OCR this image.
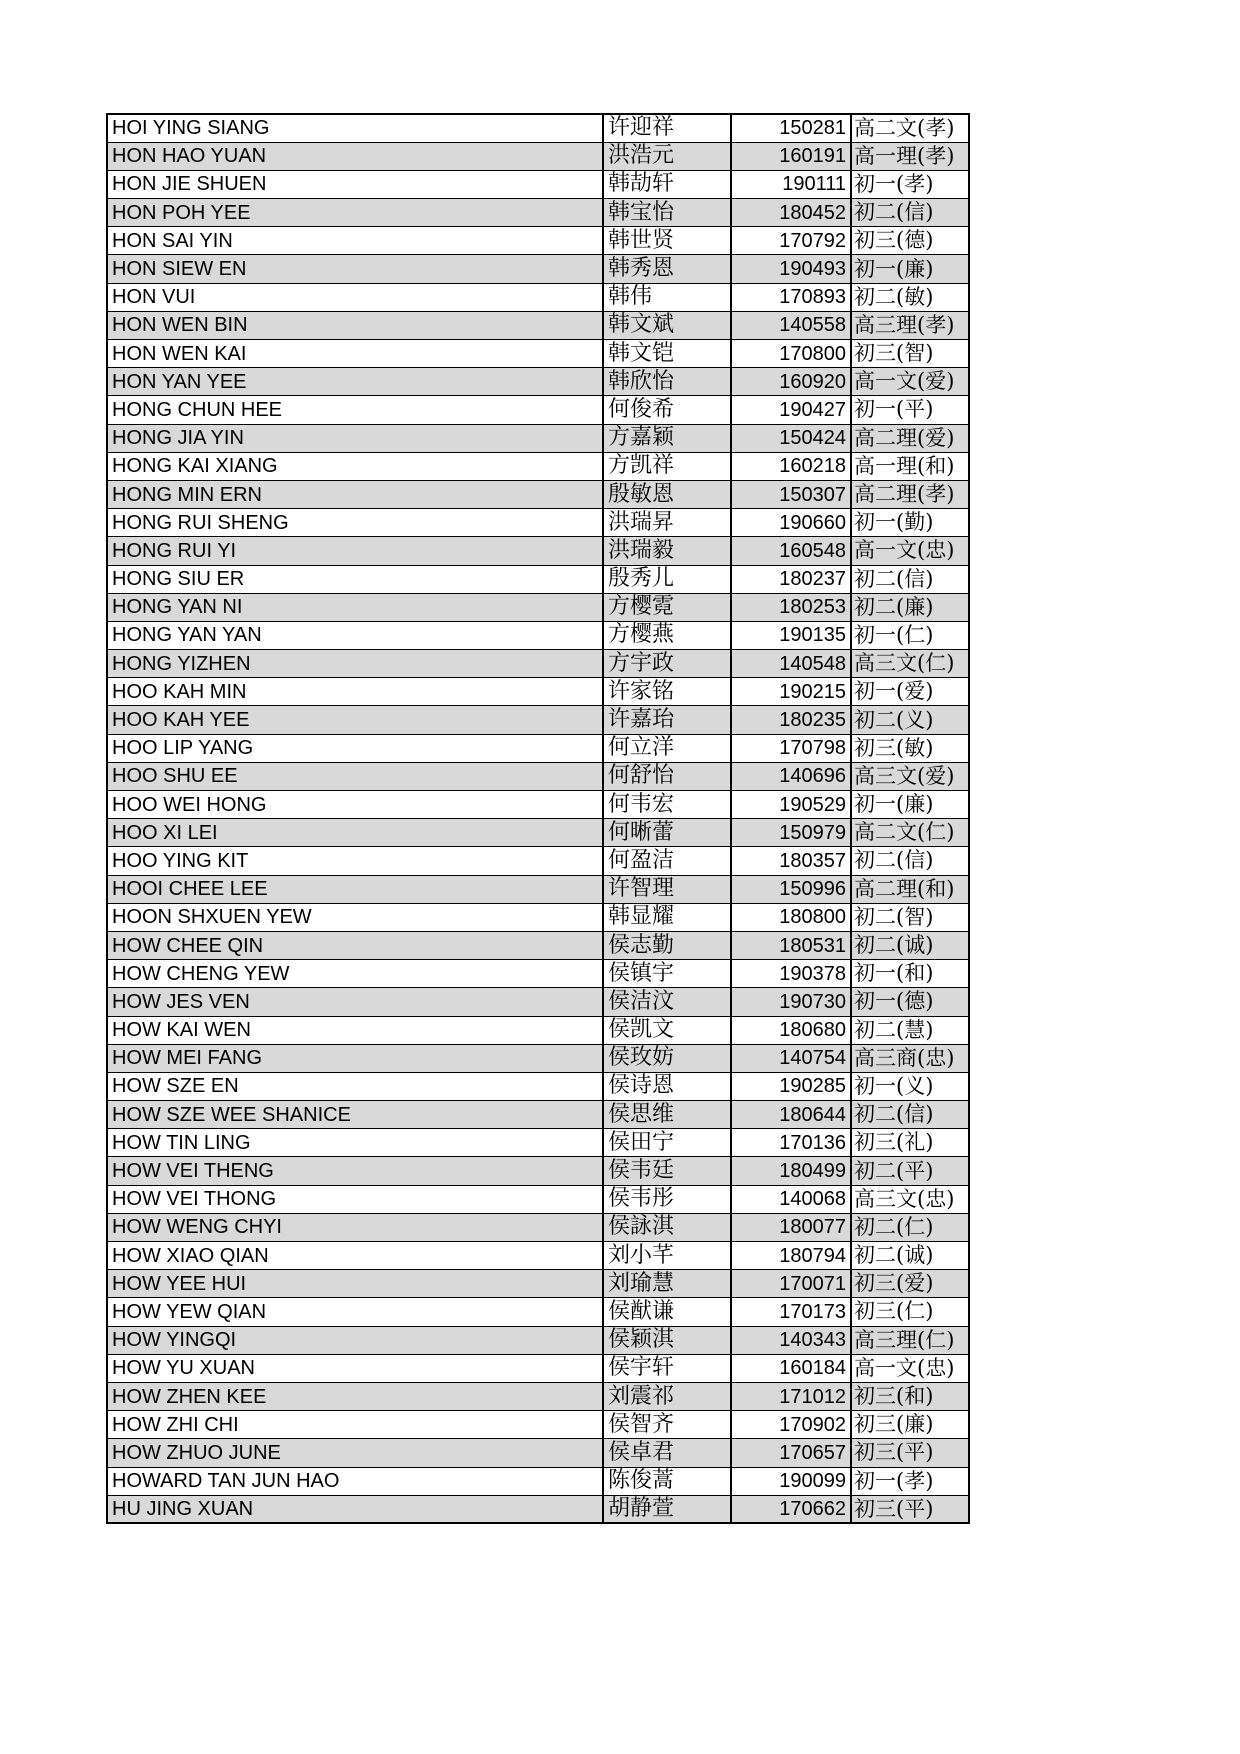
HOI YING SIANG	许迎祥	150281	高二文(孝)
HON HAO YUAN	洪浩元	160191	高一理(孝)
HON JIE SHUEN	韩劼轩	190111	初一(孝)
HON POH YEE	韩宝怡	180452	初二(信)
HON SAI YIN	韩世贤	170792	初三(德)
HON SIEW EN	韩秀恩	190493	初一(廉)
HON VUI	韩伟	170893	初二(敏)
HON WEN BIN	韩文斌	140558	高三理(孝)
HON WEN KAI	韩文铠	170800	初三(智)
HON YAN YEE	韩欣怡	160920	高一文(爱)
HONG CHUN HEE	何俊希	190427	初一(平)
HONG JIA YIN	方嘉颖	150424	高二理(爱)
HONG KAI XIANG	方凯祥	160218	高一理(和)
HONG MIN ERN	殷敏恩	150307	高二理(孝)
HONG RUI SHENG	洪瑞昇	190660	初一(勤)
HONG RUI YI	洪瑞毅	160548	高一文(忠)
HONG SIU ER	殷秀儿	180237	初二(信)
HONG YAN NI	方樱霓	180253	初二(廉)
HONG YAN YAN	方樱燕	190135	初一(仁)
HONG YIZHEN	方宇政	140548	高三文(仁)
HOO KAH MIN	许家铭	190215	初一(爱)
HOO KAH YEE	许嘉珆	180235	初二(义)
HOO LIP YANG	何立洋	170798	初三(敏)
HOO SHU EE	何舒怡	140696	高三文(爱)
HOO WEI HONG	何韦宏	190529	初一(廉)
HOO XI LEI	何晰蕾	150979	高二文(仁)
HOO YING KIT	何盈洁	180357	初二(信)
HOOI CHEE LEE	许智理	150996	高二理(和)
HOON SHXUEN YEW	韩显耀	180800	初二(智)
HOW CHEE QIN	侯志勤	180531	初二(诚)
HOW CHENG YEW	侯镇宇	190378	初一(和)
HOW JES VEN	侯洁汶	190730	初一(德)
HOW KAI WEN	侯凯文	180680	初二(慧)
HOW MEI FANG	侯玫妨	140754	高三商(忠)
HOW SZE EN	侯诗恩	190285	初一(义)
HOW SZE WEE SHANICE	侯思维	180644	初二(信)
HOW TIN LING	侯田宁	170136	初三(礼)
HOW VEI THENG	侯韦廷	180499	初二(平)
HOW VEI THONG	侯韦彤	140068	高三文(忠)
HOW WENG CHYI	侯詠淇	180077	初二(仁)
HOW XIAO QIAN	刘小芊	180794	初二(诚)
HOW YEE HUI	刘瑜慧	170071	初三(爱)
HOW YEW QIAN	侯猷谦	170173	初三(仁)
HOW YINGQI	侯颖淇	140343	高三理(仁)
HOW YU XUAN	侯宇轩	160184	高一文(忠)
HOW ZHEN KEE	刘震祁	171012	初三(和)
HOW ZHI CHI	侯智齐	170902	初三(廉)
HOW ZHUO JUNE	侯卓君	170657	初三(平)
HOWARD TAN JUN HAO	陈俊蒿	190099	初一(孝)
HU JING XUAN	胡静萱	170662	初三(平)
